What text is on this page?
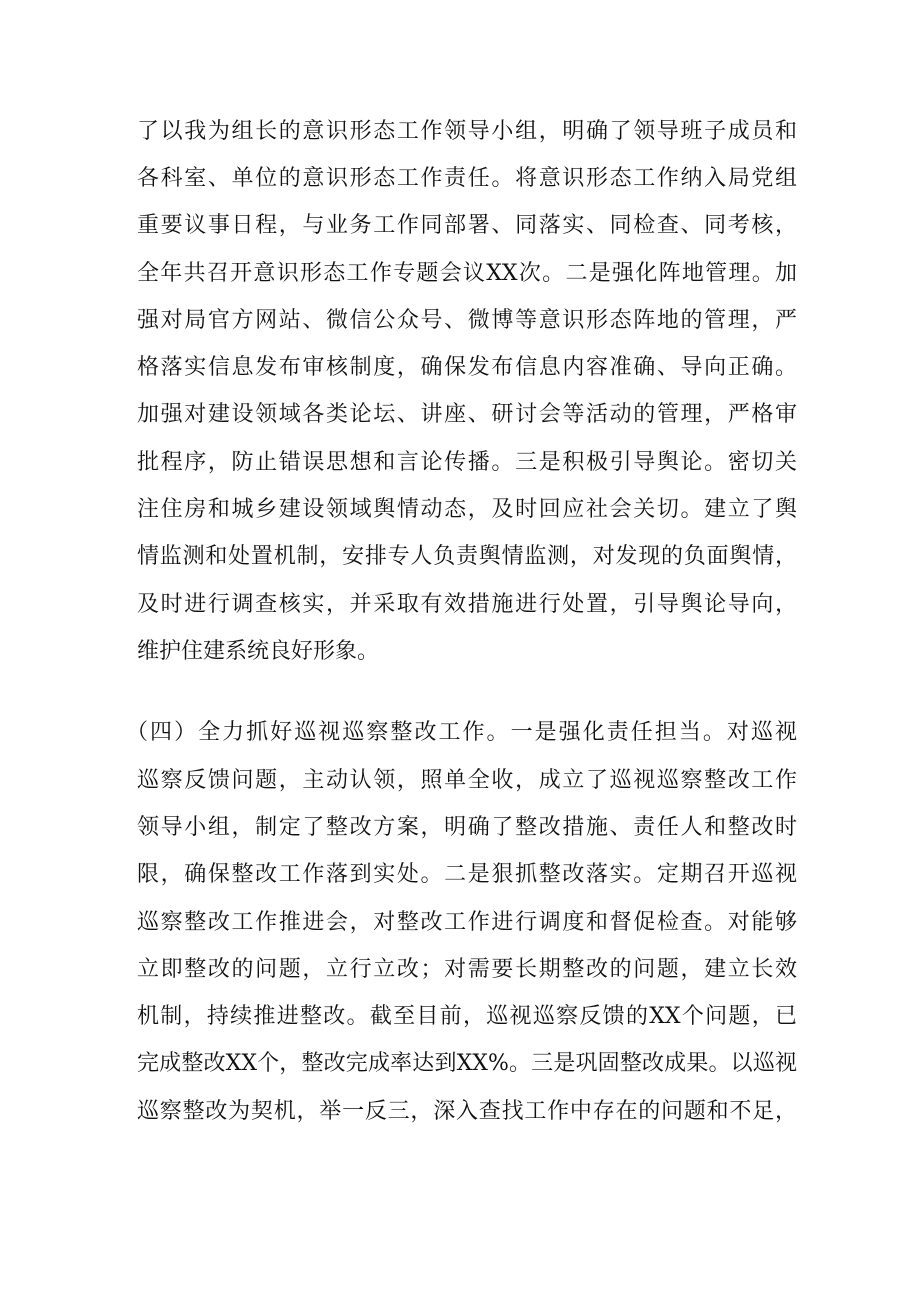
了以我为组长的意识形态工作领导小组，明确了领导班子成员和
各科室、单位的意识形态工作责任。将意识形态工作纳入局党组
重要议事日程，与业务工作同部署、同落实、同检查、同考核，
全年共召开意识形态工作专题会议XX次。二是强化阵地管理。加
强对局官方网站、微信公众号、微博等意识形态阵地的管理，严
格落实信息发布审核制度，确保发布信息内容准确、导向正确。
加强对建设领域各类论坛、讲座、研讨会等活动的管理，严格审
批程序，防止错误思想和言论传播。三是积极引导舆论。密切关
注住房和城乡建设领域舆情动态，及时回应社会关切。建立了舆
情监测和处置机制，安排专人负责舆情监测，对发现的负面舆情，
及时进行调查核实，并采取有效措施进行处置，引导舆论导向，
维护住建系统良好形象。
（四）全力抓好巡视巡察整改工作。一是强化责任担当。对巡视
巡察反馈问题，主动认领，照单全收，成立了巡视巡察整改工作
领导小组，制定了整改方案，明确了整改措施、责任人和整改时
限，确保整改工作落到实处。二是狠抓整改落实。定期召开巡视
巡察整改工作推进会，对整改工作进行调度和督促检查。对能够
立即整改的问题，立行立改；对需要长期整改的问题，建立长效
机制，持续推进整改。截至目前，巡视巡察反馈的XX个问题，已
完成整改XX个，整改完成率达到XX%。三是巩固整改成果。以巡视
巡察整改为契机，举一反三，深入查找工作中存在的问题和不足，
